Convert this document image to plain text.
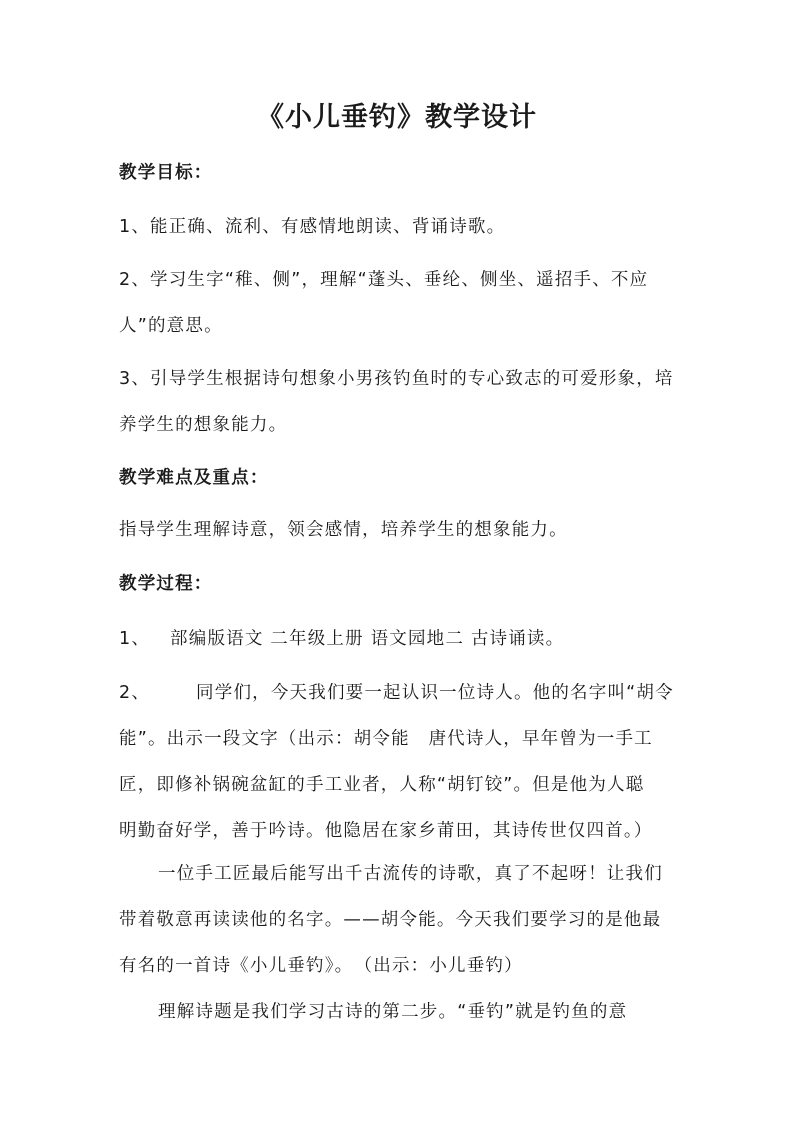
《小儿垂钓》教学设计

教学目标：

1、能正确、流利、有感情地朗读、背诵诗歌。

2、学习生字“稚、侧”，理解“蓬头、垂纶、侧坐、遥招手、不应
人”的意思。

3、引导学生根据诗句想象小男孩钓鱼时的专心致志的可爱形象，培
养学生的想象能力。

教学难点及重点：

指导学生理解诗意，领会感情，培养学生的想象能力。

教学过程：

1、 部编版语文 二年级上册 语文园地二 古诗诵读。

2、	同学们，今天我们要一起认识一位诗人。他的名字叫“胡令
能”。出示一段文字（出示：胡令能　唐代诗人，早年曾为一手工
匠，即修补锅碗盆缸的手工业者，人称“胡钉铰”。但是他为人聪
明勤奋好学，善于吟诗。他隐居在家乡莆田，其诗传世仅四首。）

一位手工匠最后能写出千古流传的诗歌，真了不起呀！让我们
带着敬意再读读他的名字。——胡令能。今天我们要学习的是他最
有名的一首诗《小儿垂钓》。　（出示：小儿垂钓）

理解诗题是我们学习古诗的第二步。“垂钓”就是钓鱼的意
